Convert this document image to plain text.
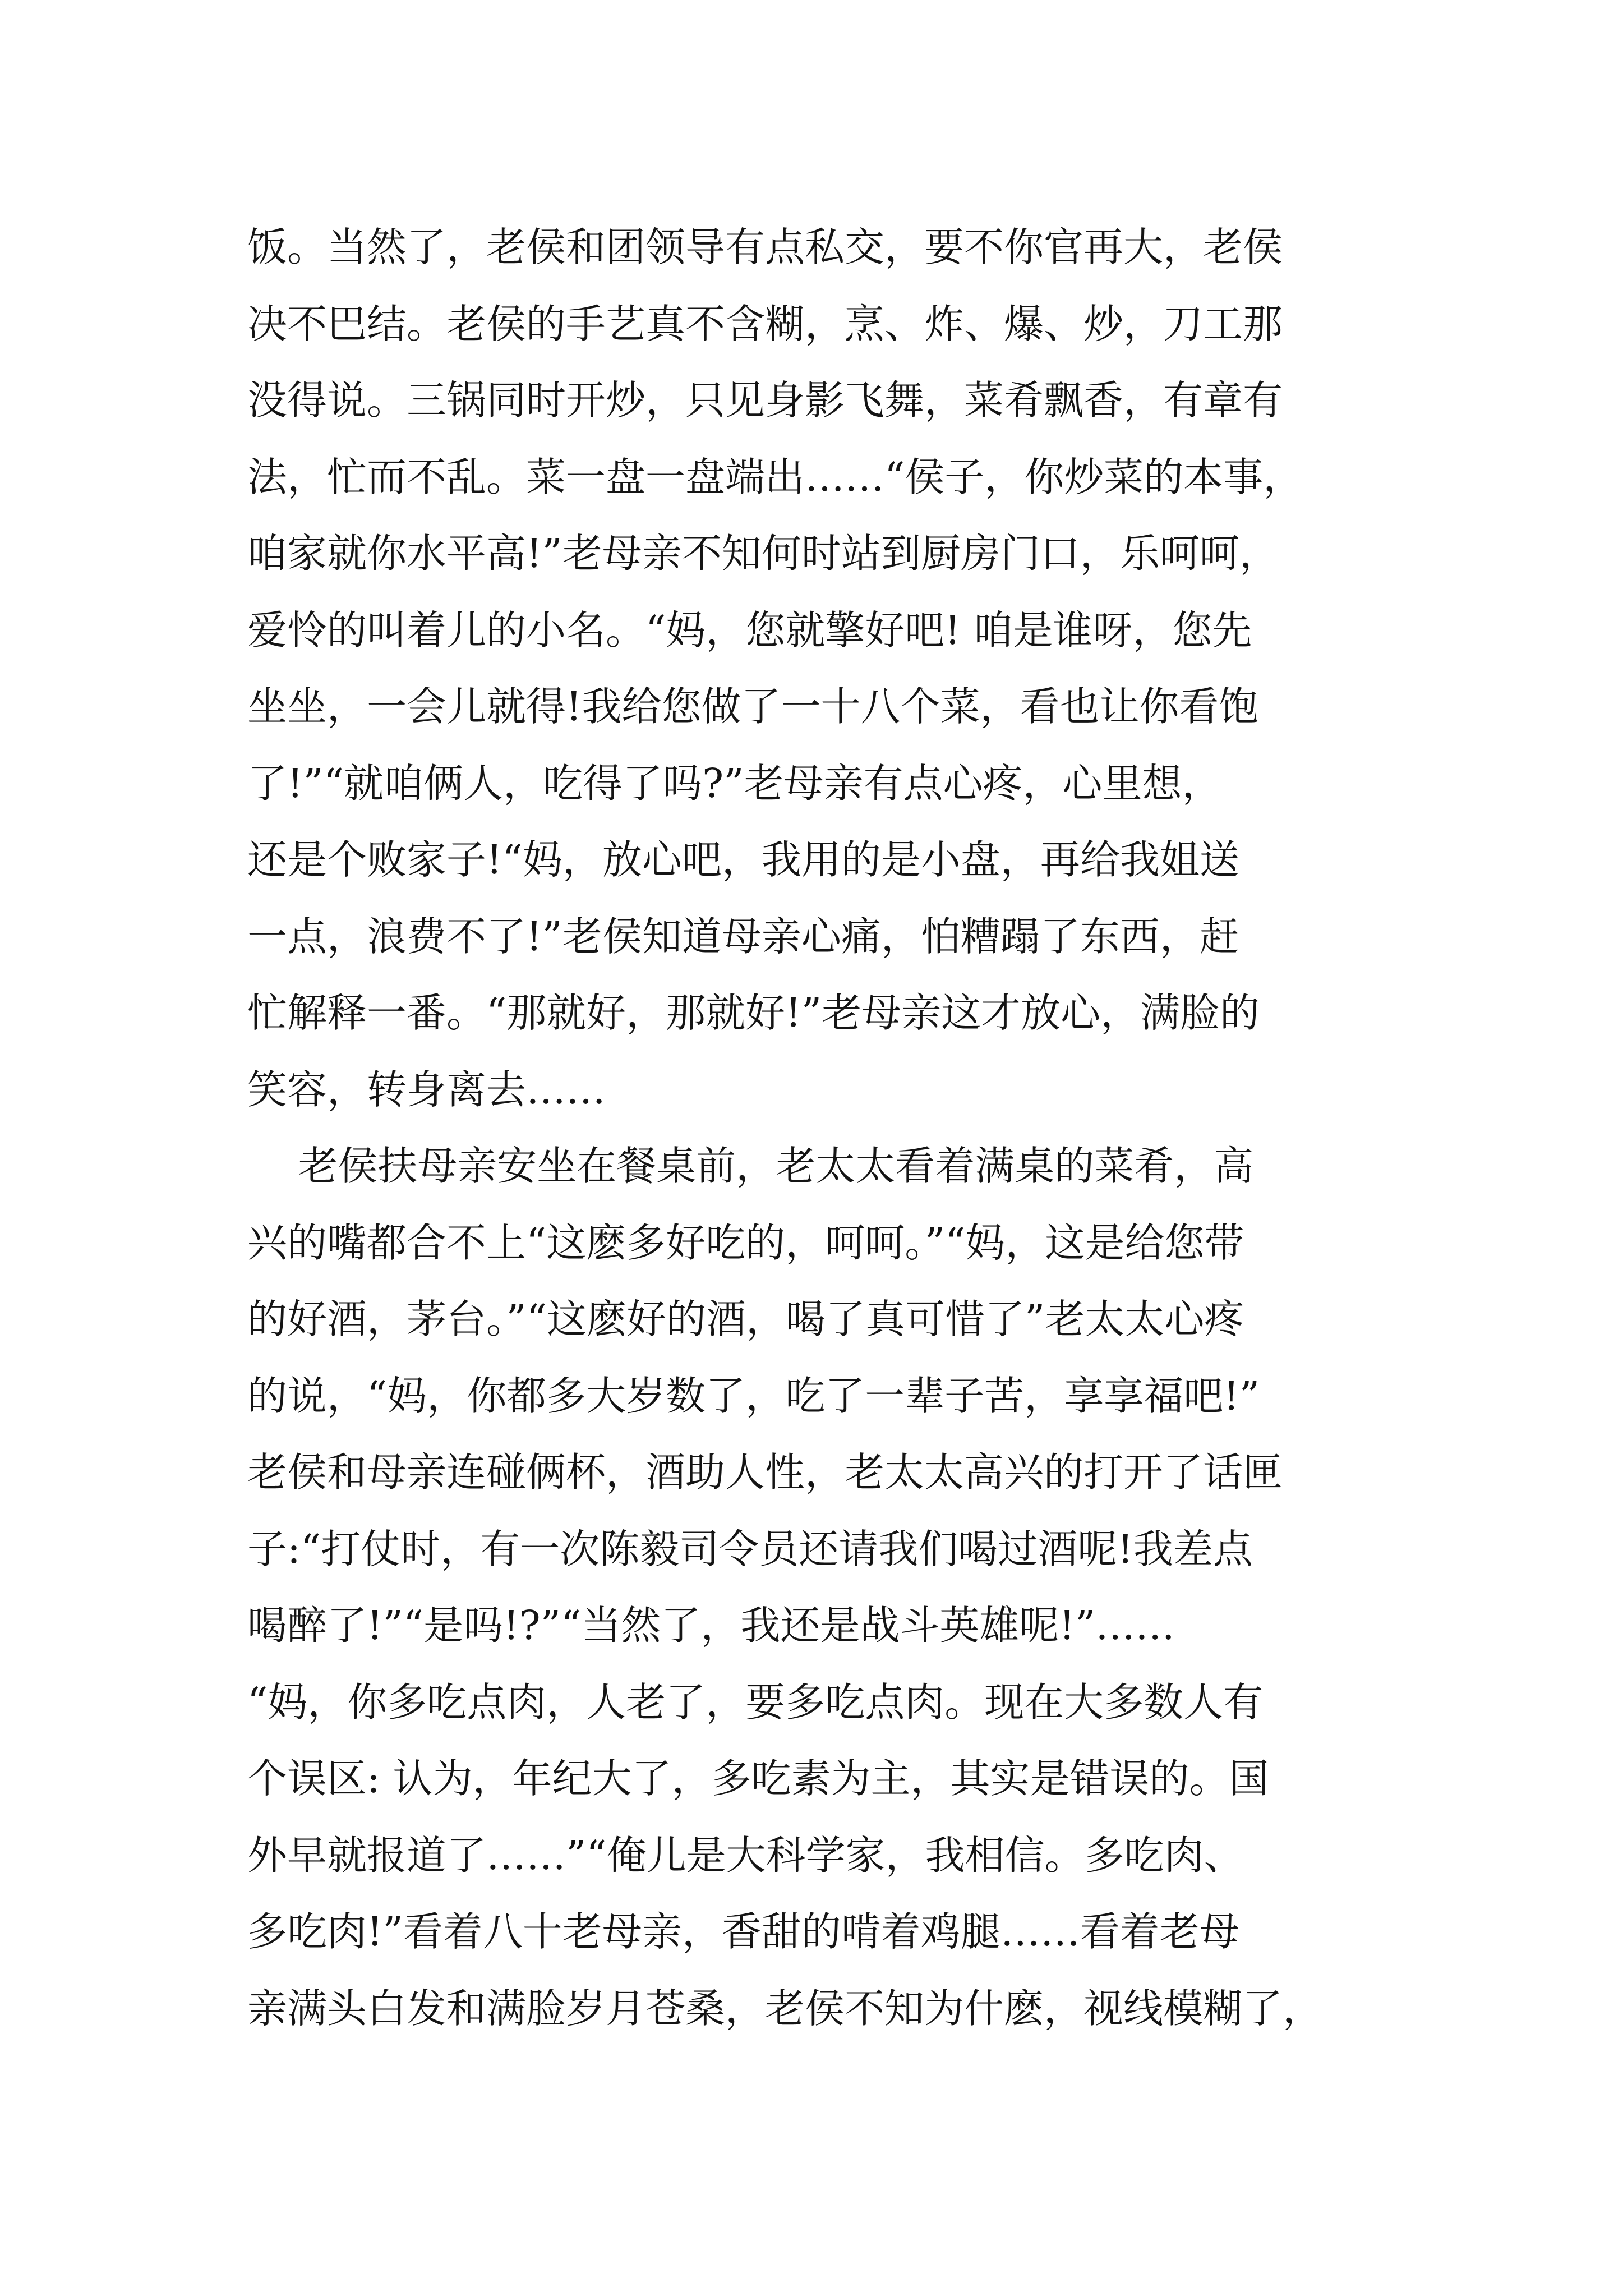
饭。当然了，老侯和团领导有点私交，要不你官再大，老侯
决不巴结。老侯的手艺真不含糊，烹、炸、爆、炒，刀工那
没得说。三锅同时开炒，只见身影飞舞，菜肴飘香，有章有
法，忙而不乱。菜一盘一盘端出……“侯子，你炒菜的本事，
咱家就你水平高!”老母亲不知何时站到厨房门口，乐呵呵，
爱怜的叫着儿的小名。“妈，您就擎好吧! 咱是谁呀，您先
坐坐，一会儿就得!我给您做了一十八个菜，看也让你看饱
了!”“就咱俩人，吃得了吗?”老母亲有点心疼，心里想，
还是个败家子!“妈，放心吧，我用的是小盘，再给我姐送
一点，浪费不了!”老侯知道母亲心痛，怕糟蹋了东西，赶
忙解释一番。“那就好，那就好!”老母亲这才放心，满脸的
笑容，转身离去……
老侯扶母亲安坐在餐桌前，老太太看着满桌的菜肴，高
兴的嘴都合不上“这麽多好吃的，呵呵。”“妈，这是给您带
的好酒，茅台。”“这麽好的酒，喝了真可惜了”老太太心疼
的说，“妈，你都多大岁数了，吃了一辈子苦，享享福吧!”
老侯和母亲连碰俩杯，酒助人性，老太太高兴的打开了话匣
子:“打仗时，有一次陈毅司令员还请我们喝过酒呢!我差点
喝醉了!”“是吗!?”“当然了，我还是战斗英雄呢!”……
“妈，你多吃点肉，人老了，要多吃点肉。现在大多数人有
个误区: 认为，年纪大了，多吃素为主，其实是错误的。国
外早就报道了……”“俺儿是大科学家，我相信。多吃肉、
多吃肉!”看着八十老母亲，香甜的啃着鸡腿……看着老母
亲满头白发和满脸岁月苍桑，老侯不知为什麽，视线模糊了，
